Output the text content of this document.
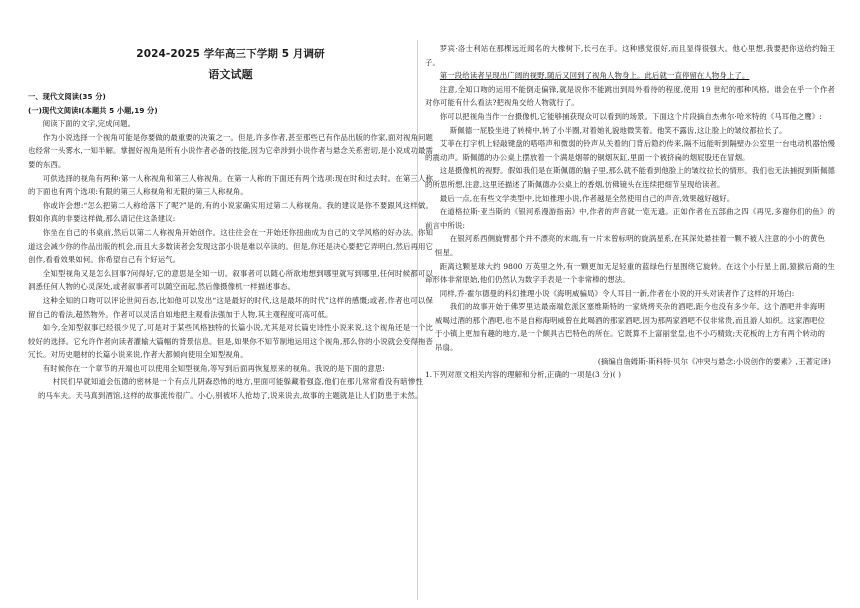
2024-2025 学年高三下学期 5 月调研
语文试题

一、现代文阅读(35 分)

(一)现代文阅读Ⅰ(本题共 5 小题,19 分)

阅读下面的文字,完成问题。

作为小说选择一个视角可能是你要做的最重要的决策之一。但是,许多作者,甚至那些已有作品出版的作家,面对视角问题也经常一头雾水,一知半解。掌握好视角是所有小说作者必备的技能,因为它牵涉到小说作者与悬念关系密切,是小说成功最需要的东西。

可供选择的视角有两种:第一人称视角和第三人称视角。在第一人称的下面还有两个选项:现在时和过去时。在第三人称的下面也有两个选项:有限的第三人称视角和无限的第三人称视角。

你或许会想:“怎么把第二人称给落下了呢?”是的,有的小说家确实用过第二人称视角。我的建议是你不要跟风这样做。假如你真的非要这样做,那么请记住这条建议:

你坐在自己的书桌前,然后以第二人称视角开始创作。这往往会在一开始还你扭曲成为自己的文学风格的好办法。你知道这会减少你的作品出版的机会,而且大多数读者会发现这部小说是难以卒读的。但是,你还是决心要把它弄明白,然后再用它创作,看看效果如何。你希望自己有个好运气。

全知型视角又是怎么回事?问得好,它的意思是全知一切。叙事者可以随心所欲地想到哪里就写到哪里,任何时候都可以洞悉任何人物的心灵深处,或者叙事者可以随空而起,然后像摄像机一样描述事态。

这种全知的口吻可以评论世间百态,比如他可以发出“这是最好的时代,这是最坏的时代”这样的感慨;或者,作者也可以保留自己的看法,超然物外。作者可以灵活自如地把主观看法强加于人物,其主观程度可高可低。

如今,全知型叙事已经很少见了,可是对于某些风格独特的长篇小说,尤其是对长篇史诗性小说来说,这个视角还是一个比较好的选择。它允许作者向读者灌输大篇幅的背景信息。但是,如果你不知节制地运用这个视角,那么你的小说就会变得拖沓冗长。对历史题材的长篇小说来说,作者大都倾向使用全知型视角。

有时候你在一个章节的开端也可以使用全知型视角,等写到后面再恢复原来的视角。我说的是下面的意思:

村民们早就知道会伍德的密林是一个有点儿阴森恐怖的地方,里面可能躲藏着强盗,他们在那儿常常看没有暗惨性的马车夫。天马真到酒馆,这样的故事流传很广。小心,别被坏人抢劫了,说来说去,故事的主题就是让人们防患于未然。

罗宾·洛士利站在那棵远近闻名的大橡树下,长弓在手。这种感觉很好,而且显得很强大。他心里想,我要把你送给约翰王子。

第一段给读者呈现出广阔的视野,随后又回到了视角人物身上。此后就一直停留在人物身上了。

注意,全知口吻的运用不能倒走偏锋,就是说你不能跳出到局外看待的程度,使用 19 世纪的那种风格。谁会在乎一个作者对你可能有什么看法?把视角交给人物就行了。

你可以把视角当作一台摄像机,它能够捕获现众可以看到的场景。下面这个片段摘自杰弗尔·哈米特的《马耳他之鹰》:

斯佩德一屁股坐进了转椅中,转了小半圈,对着她礼貌地微笑着。他笑不露齿,这让脸上的皱纹都拉长了。

艾菲在打字机上轻敲键盘的嗒嗒声和微弱的铃声从关着的门背后隐约传来,隔不远能听到隔壁办公室里一台电动机器怡慢的震动声。斯佩德的办公桌上摆放着一个满是烟蒂的铜烟灰缸,里面一个被挤扁的烟屁股还在冒烟。

这是摄像机的视野。假如我们是在斯佩德的脑子里,那么就不能看到他脸上的皱纹拉长的情形。我们也无法捕捉到斯佩德的所思所想,注意,这里还描述了斯佩德办公桌上的香烟,仿佛镜头在连续把细节呈现给读者。

最后一点,在有些文学类型中,比如推理小说,作者越是全然使用自己的声音,效果越好越好。

在道格拉斯·亚当斯的《银河系漫游指南》中,作者的声音就一览无遗。正如作者在五部曲之四《再见,多谢你们的鱼》的前言中所说:

在银河系西侧旋臂那个并不漂亮的末端,有一片未曾标明的旋涡星系,在其深处悬挂着一颗不被人注意的小小的黄色恒星。

距离这颗星球大约 9800 万英里之外,有一颗更加无足轻重的蓝绿色行星围绕它旋转。在这个小行星上面,猿猴后裔的生命形体非常原始,他们仍然认为数字手表是一个非常棒的想法。

同样,乔·霍尔德曼的科幻推理小说《海明威骗局》令人耳目一新,作者在小说的开头对读者作了这样的开场白:

我们的故事开始于佛罗里达最南端危派区塞维斯特的一家烧烤夹杂的酒吧,距今也没有多少年。这个酒吧并非海明威喝过酒的那个酒吧,也不是自称海明威曾在此喝酒的那家酒吧,因为那两家酒吧不仅非常贵,而且游人如织。这家酒吧位于小镇上更加有趣的地方,是一个颇具古巴特色的所在。它既算不上富丽堂皇,也不小巧精致;天花板的上方有两个转动的吊扇。

(摘编自詹姆斯·斯科特·贝尔《冲突与悬念:小说创作的要素》,王著定译)

1.下列对原文相关内容的理解和分析,正确的一项是(3 分)( )
